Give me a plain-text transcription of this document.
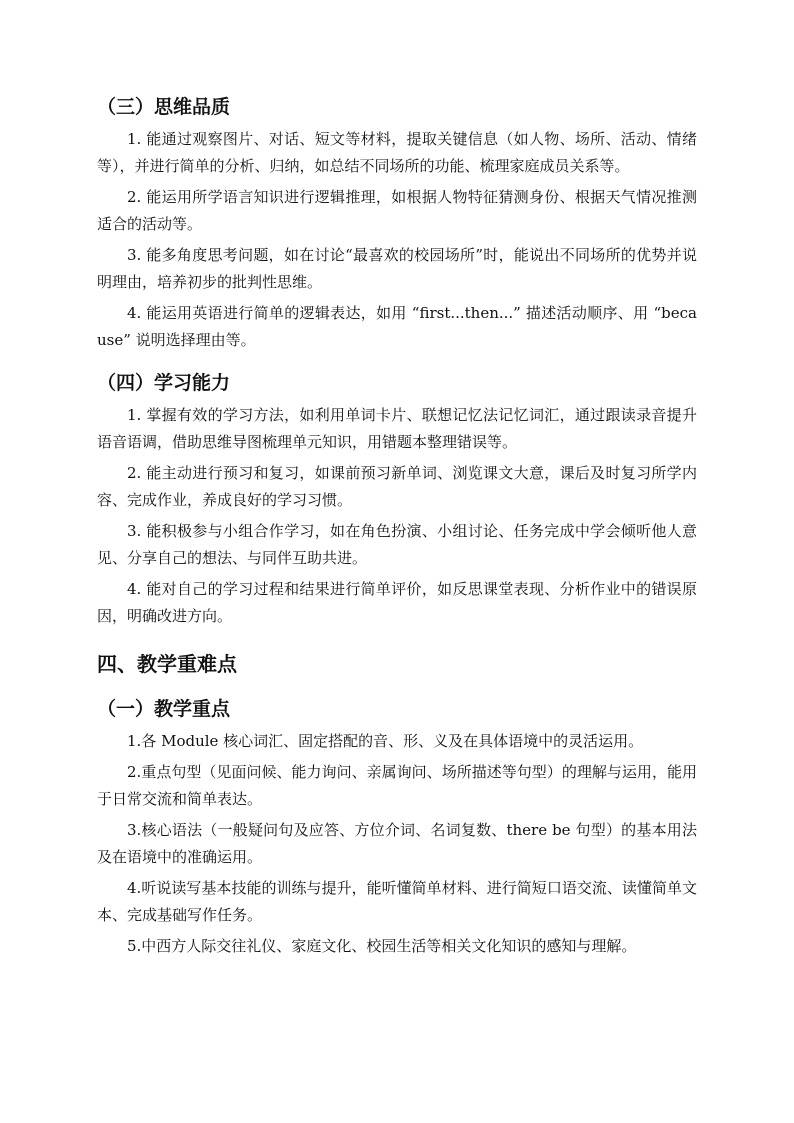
（三）思维品质

1. 能通过观察图片、对话、短文等材料，提取关键信息（如人物、场所、活动、情绪等），并进行简单的分析、归纳，如总结不同场所的功能、梳理家庭成员关系等。

2. 能运用所学语言知识进行逻辑推理，如根据人物特征猜测身份、根据天气情况推测适合的活动等。

3. 能多角度思考问题，如在讨论“最喜欢的校园场所”时，能说出不同场所的优势并说明理由，培养初步的批判性思维。

4. 能运用英语进行简单的逻辑表达，如用 “first...then...” 描述活动顺序、用 “because” 说明选择理由等。

（四）学习能力

1. 掌握有效的学习方法，如利用单词卡片、联想记忆法记忆词汇，通过跟读录音提升语音语调，借助思维导图梳理单元知识，用错题本整理错误等。

2. 能主动进行预习和复习，如课前预习新单词、浏览课文大意，课后及时复习所学内容、完成作业，养成良好的学习习惯。

3. 能积极参与小组合作学习，如在角色扮演、小组讨论、任务完成中学会倾听他人意见、分享自己的想法、与同伴互助共进。

4. 能对自己的学习过程和结果进行简单评价，如反思课堂表现、分析作业中的错误原因，明确改进方向。

四、教学重难点
（一）教学重点

1.各 Module 核心词汇、固定搭配的音、形、义及在具体语境中的灵活运用。

2.重点句型（见面问候、能力询问、亲属询问、场所描述等句型）的理解与运用，能用于日常交流和简单表达。

3.核心语法（一般疑问句及应答、方位介词、名词复数、there be 句型）的基本用法及在语境中的准确运用。

4.听说读写基本技能的训练与提升，能听懂简单材料、进行简短口语交流、读懂简单文本、完成基础写作任务。

5.中西方人际交往礼仪、家庭文化、校园生活等相关文化知识的感知与理解。
